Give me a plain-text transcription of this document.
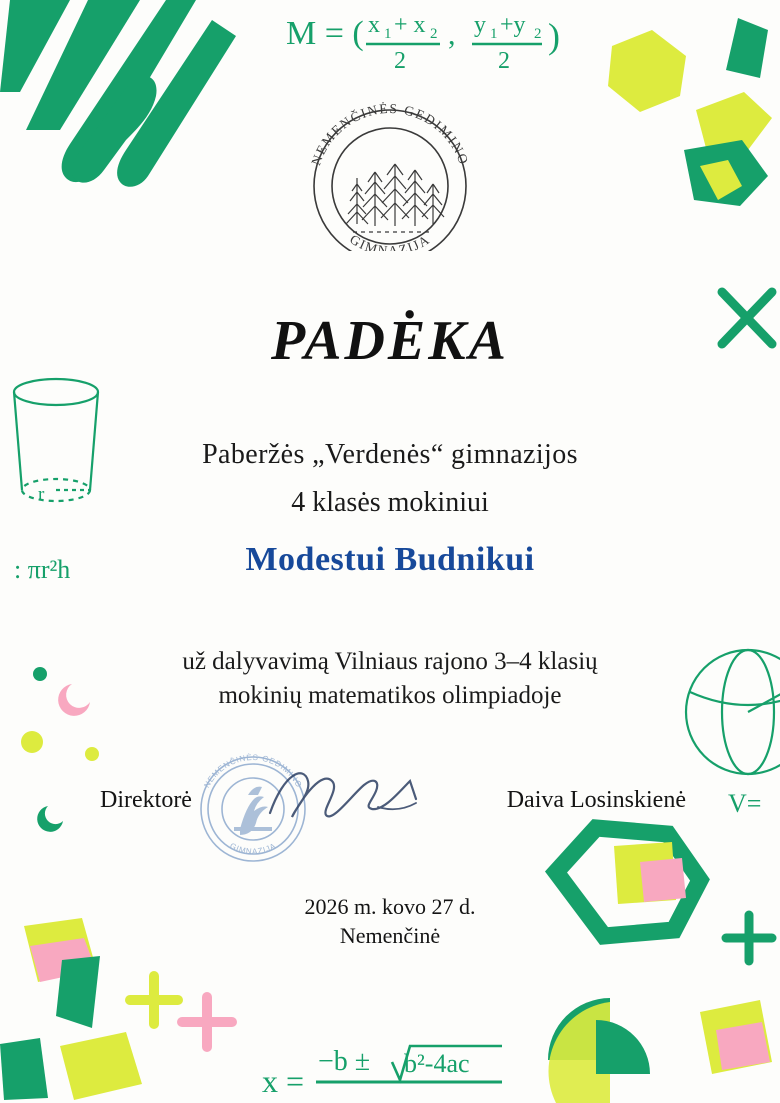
r
: πr²h
V=
M = ( x 1 + x 2
2
, y 1 +y 2
2
)
x =
−b ± b²-4ac
NEMENČINĖS GEDIMINO
GIMNAZIJA
PADĖKA
Paberžės „Verdenės“ gimnazijos
4 klasės mokiniui
Modestui Budnikui
už dalyvavimą Vilniaus rajono 3–4 klasių
mokinių matematikos olimpiadoje
Direktorė
NEMENČINĖS GEDIMINO
GIMNAZIJA
Daiva Losinskienė
2026 m. kovo 27 d.
Nemenčinė
